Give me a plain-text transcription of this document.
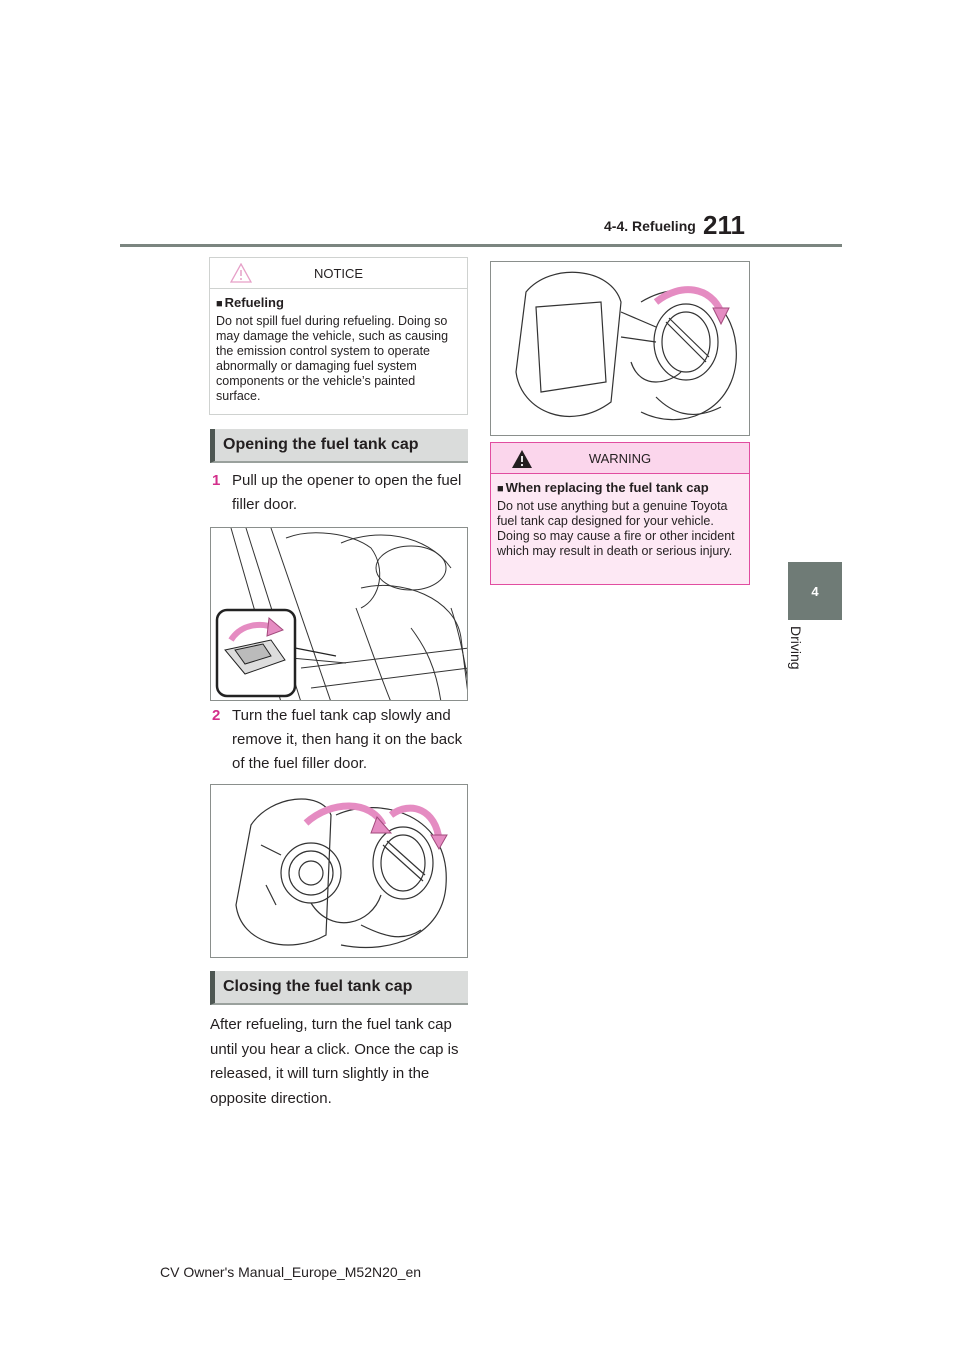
4-4. Refueling 211
4
Driving
NOTICE
■ Refueling
Do not spill fuel during refueling. Doing so may damage the vehicle, such as causing the emission control system to operate abnormally or damaging fuel system components or the vehicle’s painted surface.
Opening the fuel tank cap
1 Pull up the opener to open the fuel filler door.
2 Turn the fuel tank cap slowly and remove it, then hang it on the back of the fuel filler door.
Closing the fuel tank cap
After refueling, turn the fuel tank cap until you hear a click. Once the cap is released, it will turn slightly in the opposite direction.
WARNING
■ When replacing the fuel tank cap
Do not use anything but a genuine Toyota fuel tank cap designed for your vehicle. Doing so may cause a fire or other incident which may result in death or serious injury.
CV Owner's Manual_Europe_M52N20_en
